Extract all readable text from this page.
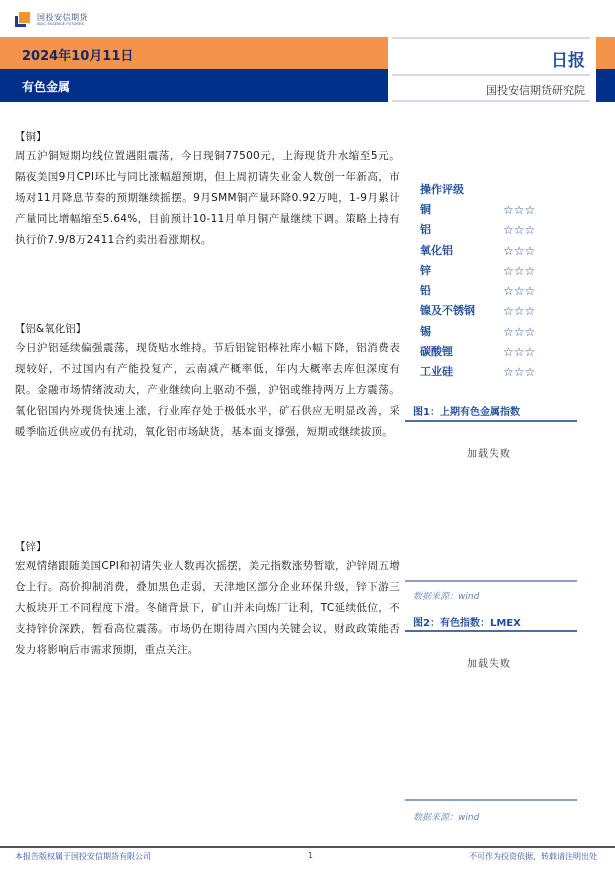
国投安信期货
SDIC ESSENCE FUTURES
2024年10月11日
有色金属
日报
国投安信期货研究院
【铜】

周五沪铜短期均线位置遇阻震荡，今日现铜77500元，上海现货升水缩至5元。隔夜美国9月CPI环比与同比涨幅超预期，但上周初请失业金人数创一年新高，市场对11月降息节奏的预期继续摇摆。9月SMM铜产量环降0.92万吨，1-9月累计产量同比增幅缩至5.64%，目前预计10-11月单月铜产量继续下调。策略上持有执行价7.9/8万2411合约卖出看涨期权。

【铝&氧化铝】

今日沪铝延续偏强震荡，现货贴水维持。节后铝锭铝棒社库小幅下降，铝消费表现较好，不过国内有产能投复产，云南减产概率低，年内大概率去库但深度有限。金融市场情绪波动大，产业继续向上驱动不强，沪铝或维持两万上方震荡。氧化铝国内外现货快速上涨，行业库存处于极低水平，矿石供应无明显改善，采暖季临近供应或仍有扰动，氧化铝市场缺货，基本面支撑强，短期或继续拔顶。

【锌】

宏观情绪跟随美国CPI和初请失业人数再次摇摆，美元指数涨势暂歇，沪锌周五增仓上行。高价抑制消费，叠加黑色走弱，天津地区部分企业环保升级，锌下游三大板块开工不同程度下滑。冬储背景下，矿山并未向炼厂让利，TC延续低位，不支持锌价深跌，暂看高位震荡。市场仍在期待周六国内关键会议，财政政策能否发力将影响后市需求预期，重点关注。

操作评级
铜	☆☆☆
铝	☆☆☆
氧化铝	☆☆☆
锌	☆☆☆
铅	☆☆☆
镍及不锈钢	☆☆☆
锡	☆☆☆
碳酸锂	☆☆☆
工业硅	☆☆☆
图1：上期有色金属指数
加载失败
数据来源：wind
图2：有色指数：LMEX
加载失败
数据来源：wind
本报告版权属于国投安信期货有限公司	1	不可作为投资依据，转载请注明出处
